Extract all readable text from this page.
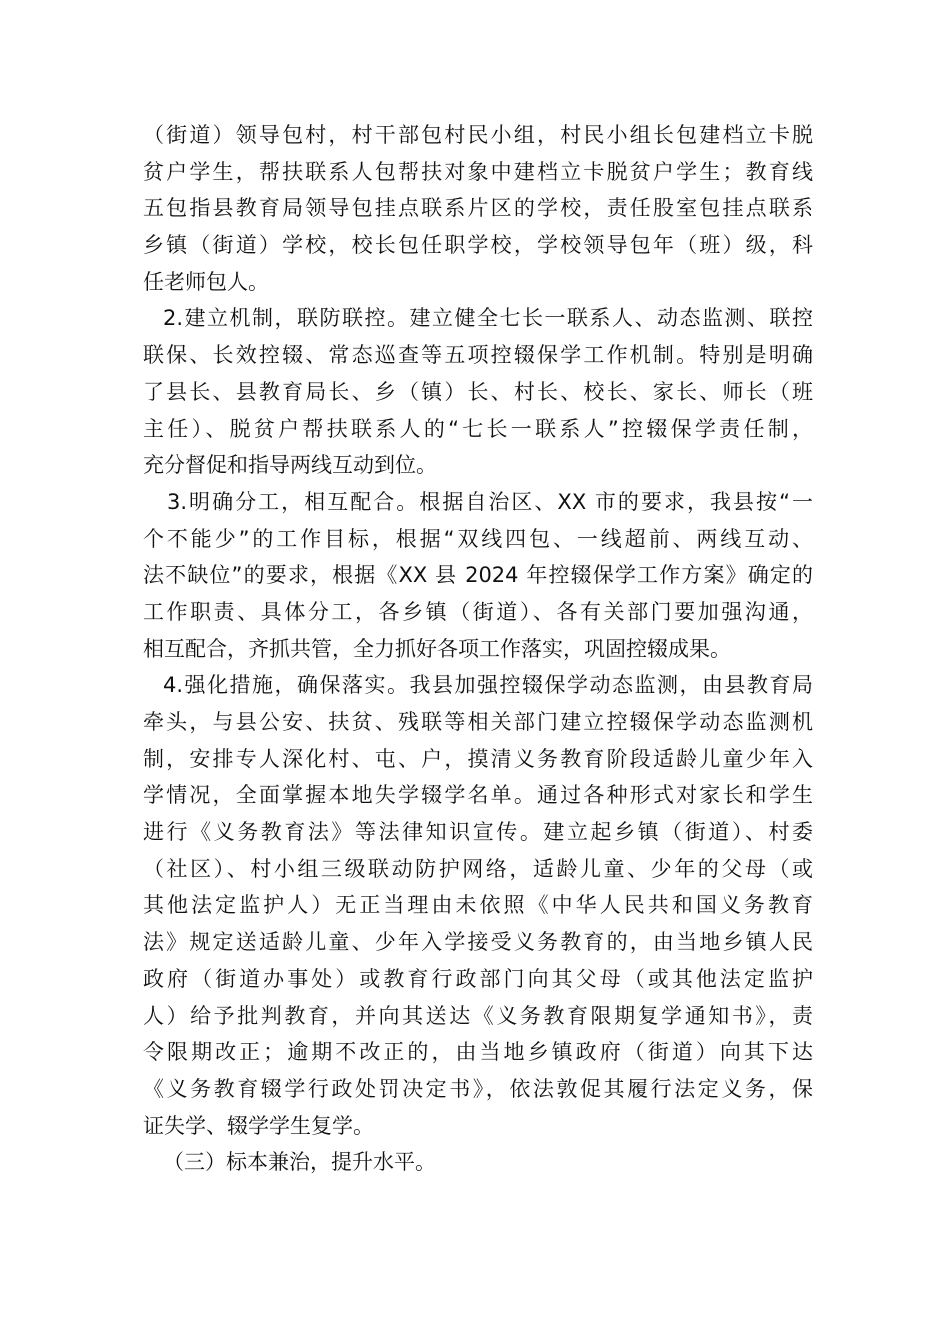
（街道）领导包村，村干部包村民小组，村民小组长包建档立卡脱
贫户学生，帮扶联系人包帮扶对象中建档立卡脱贫户学生；教育线
五包指县教育局领导包挂点联系片区的学校，责任股室包挂点联系
乡镇（街道）学校，校长包任职学校，学校领导包年（班）级，科
任老师包人。
2.建立机制，联防联控。建立健全七长一联系人、动态监测、联控
联保、长效控辍、常态巡查等五项控辍保学工作机制。特别是明确
了县长、县教育局长、乡（镇）长、村长、校长、家长、师长（班
主任）、脱贫户帮扶联系人的“七长一联系人”控辍保学责任制，
充分督促和指导两线互动到位。
3.明确分工，相互配合。根据自治区、XX 市的要求，我县按“一
个不能少”的工作目标，根据“双线四包、一线超前、两线互动、
法不缺位”的要求，根据《XX 县 2024 年控辍保学工作方案》确定的
工作职责、具体分工，各乡镇（街道）、各有关部门要加强沟通，
相互配合，齐抓共管，全力抓好各项工作落实，巩固控辍成果。
4.强化措施，确保落实。我县加强控辍保学动态监测，由县教育局
牵头，与县公安、扶贫、残联等相关部门建立控辍保学动态监测机
制，安排专人深化村、屯、户，摸清义务教育阶段适龄儿童少年入
学情况，全面掌握本地失学辍学名单。通过各种形式对家长和学生
进行《义务教育法》等法律知识宣传。建立起乡镇（街道）、村委
（社区）、村小组三级联动防护网络，适龄儿童、少年的父母（或
其他法定监护人）无正当理由未依照《中华人民共和国义务教育
法》规定送适龄儿童、少年入学接受义务教育的，由当地乡镇人民
政府（街道办事处）或教育行政部门向其父母（或其他法定监护
人）给予批判教育，并向其送达《义务教育限期复学通知书》，责
令限期改正；逾期不改正的，由当地乡镇政府（街道）向其下达
《义务教育辍学行政处罚决定书》，依法敦促其履行法定义务，保
证失学、辍学学生复学。
（三）标本兼治，提升水平。
